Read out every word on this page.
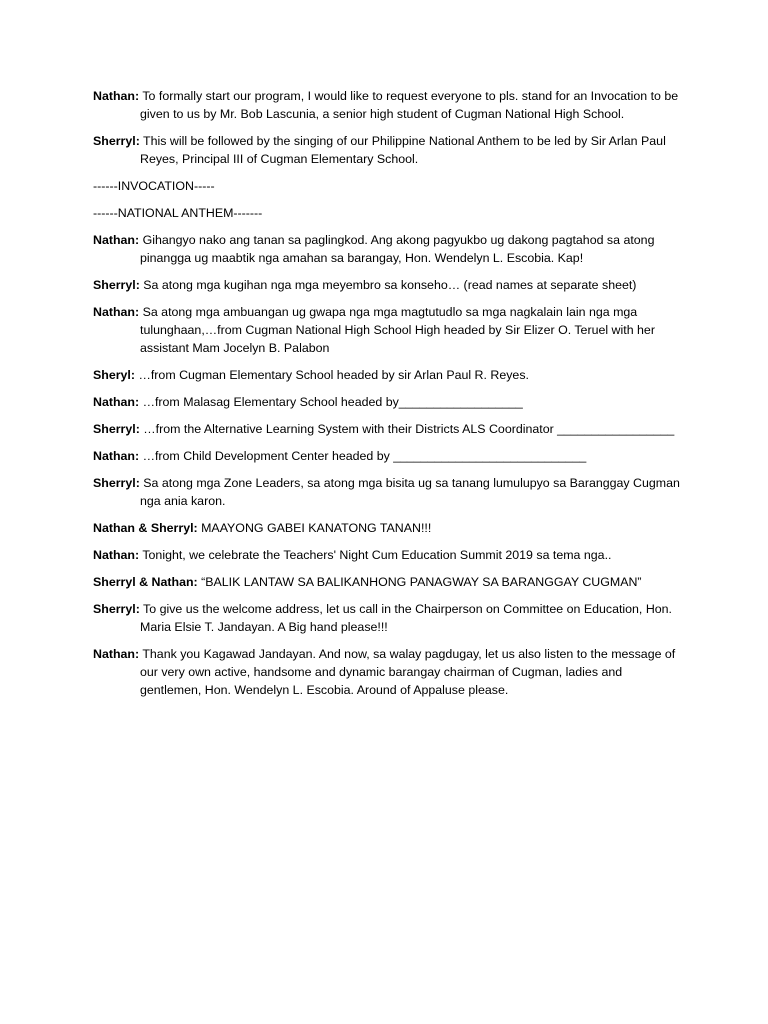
Nathan: To formally start our program, I would like to request everyone to pls. stand for an Invocation to be given to us by Mr. Bob Lascunia, a senior high student of Cugman National High School.

Sherryl: This will be followed by the singing of our Philippine National Anthem to be led by Sir Arlan Paul Reyes, Principal III of Cugman Elementary School.

------INVOCATION-----

------NATIONAL ANTHEM-------

Nathan: Gihangyo nako ang tanan sa paglingkod. Ang akong pagyukbo ug dakong pagtahod sa atong pinangga ug maabtik nga amahan sa barangay, Hon. Wendelyn L. Escobia. Kap!

Sherryl: Sa atong mga kugihan nga mga meyembro sa konseho… (read names at separate sheet)

Nathan: Sa atong mga ambuangan ug gwapa nga mga magtutudlo sa mga nagkalain lain nga mga tulunghaan,…from Cugman National High School High headed by Sir Elizer O. Teruel with her assistant Mam Jocelyn B. Palabon

Sheryl: …from Cugman Elementary School headed by sir Arlan Paul R. Reyes.

Nathan: …from Malasag Elementary School headed by__________________

Sherryl: …from the Alternative Learning System with their Districts ALS Coordinator _________________

Nathan: …from Child Development Center headed by ____________________________

Sherryl: Sa atong mga Zone Leaders, sa atong mga bisita ug sa tanang lumulupyo sa Baranggay Cugman nga ania karon.

Nathan & Sherryl: MAAYONG GABEI KANATONG TANAN!!!

Nathan: Tonight, we celebrate the Teachers' Night Cum Education Summit 2019 sa tema nga..

Sherryl & Nathan: “BALIK LANTAW SA BALIKANHONG PANAGWAY SA BARANGGAY CUGMAN”

Sherryl: To give us the welcome address, let us call in the Chairperson on Committee on Education, Hon. Maria Elsie T. Jandayan. A Big hand please!!!

Nathan: Thank you Kagawad Jandayan. And now, sa walay pagdugay, let us also listen to the message of our very own active, handsome and dynamic barangay chairman of Cugman, ladies and gentlemen, Hon. Wendelyn L. Escobia. Around of Appaluse please.
